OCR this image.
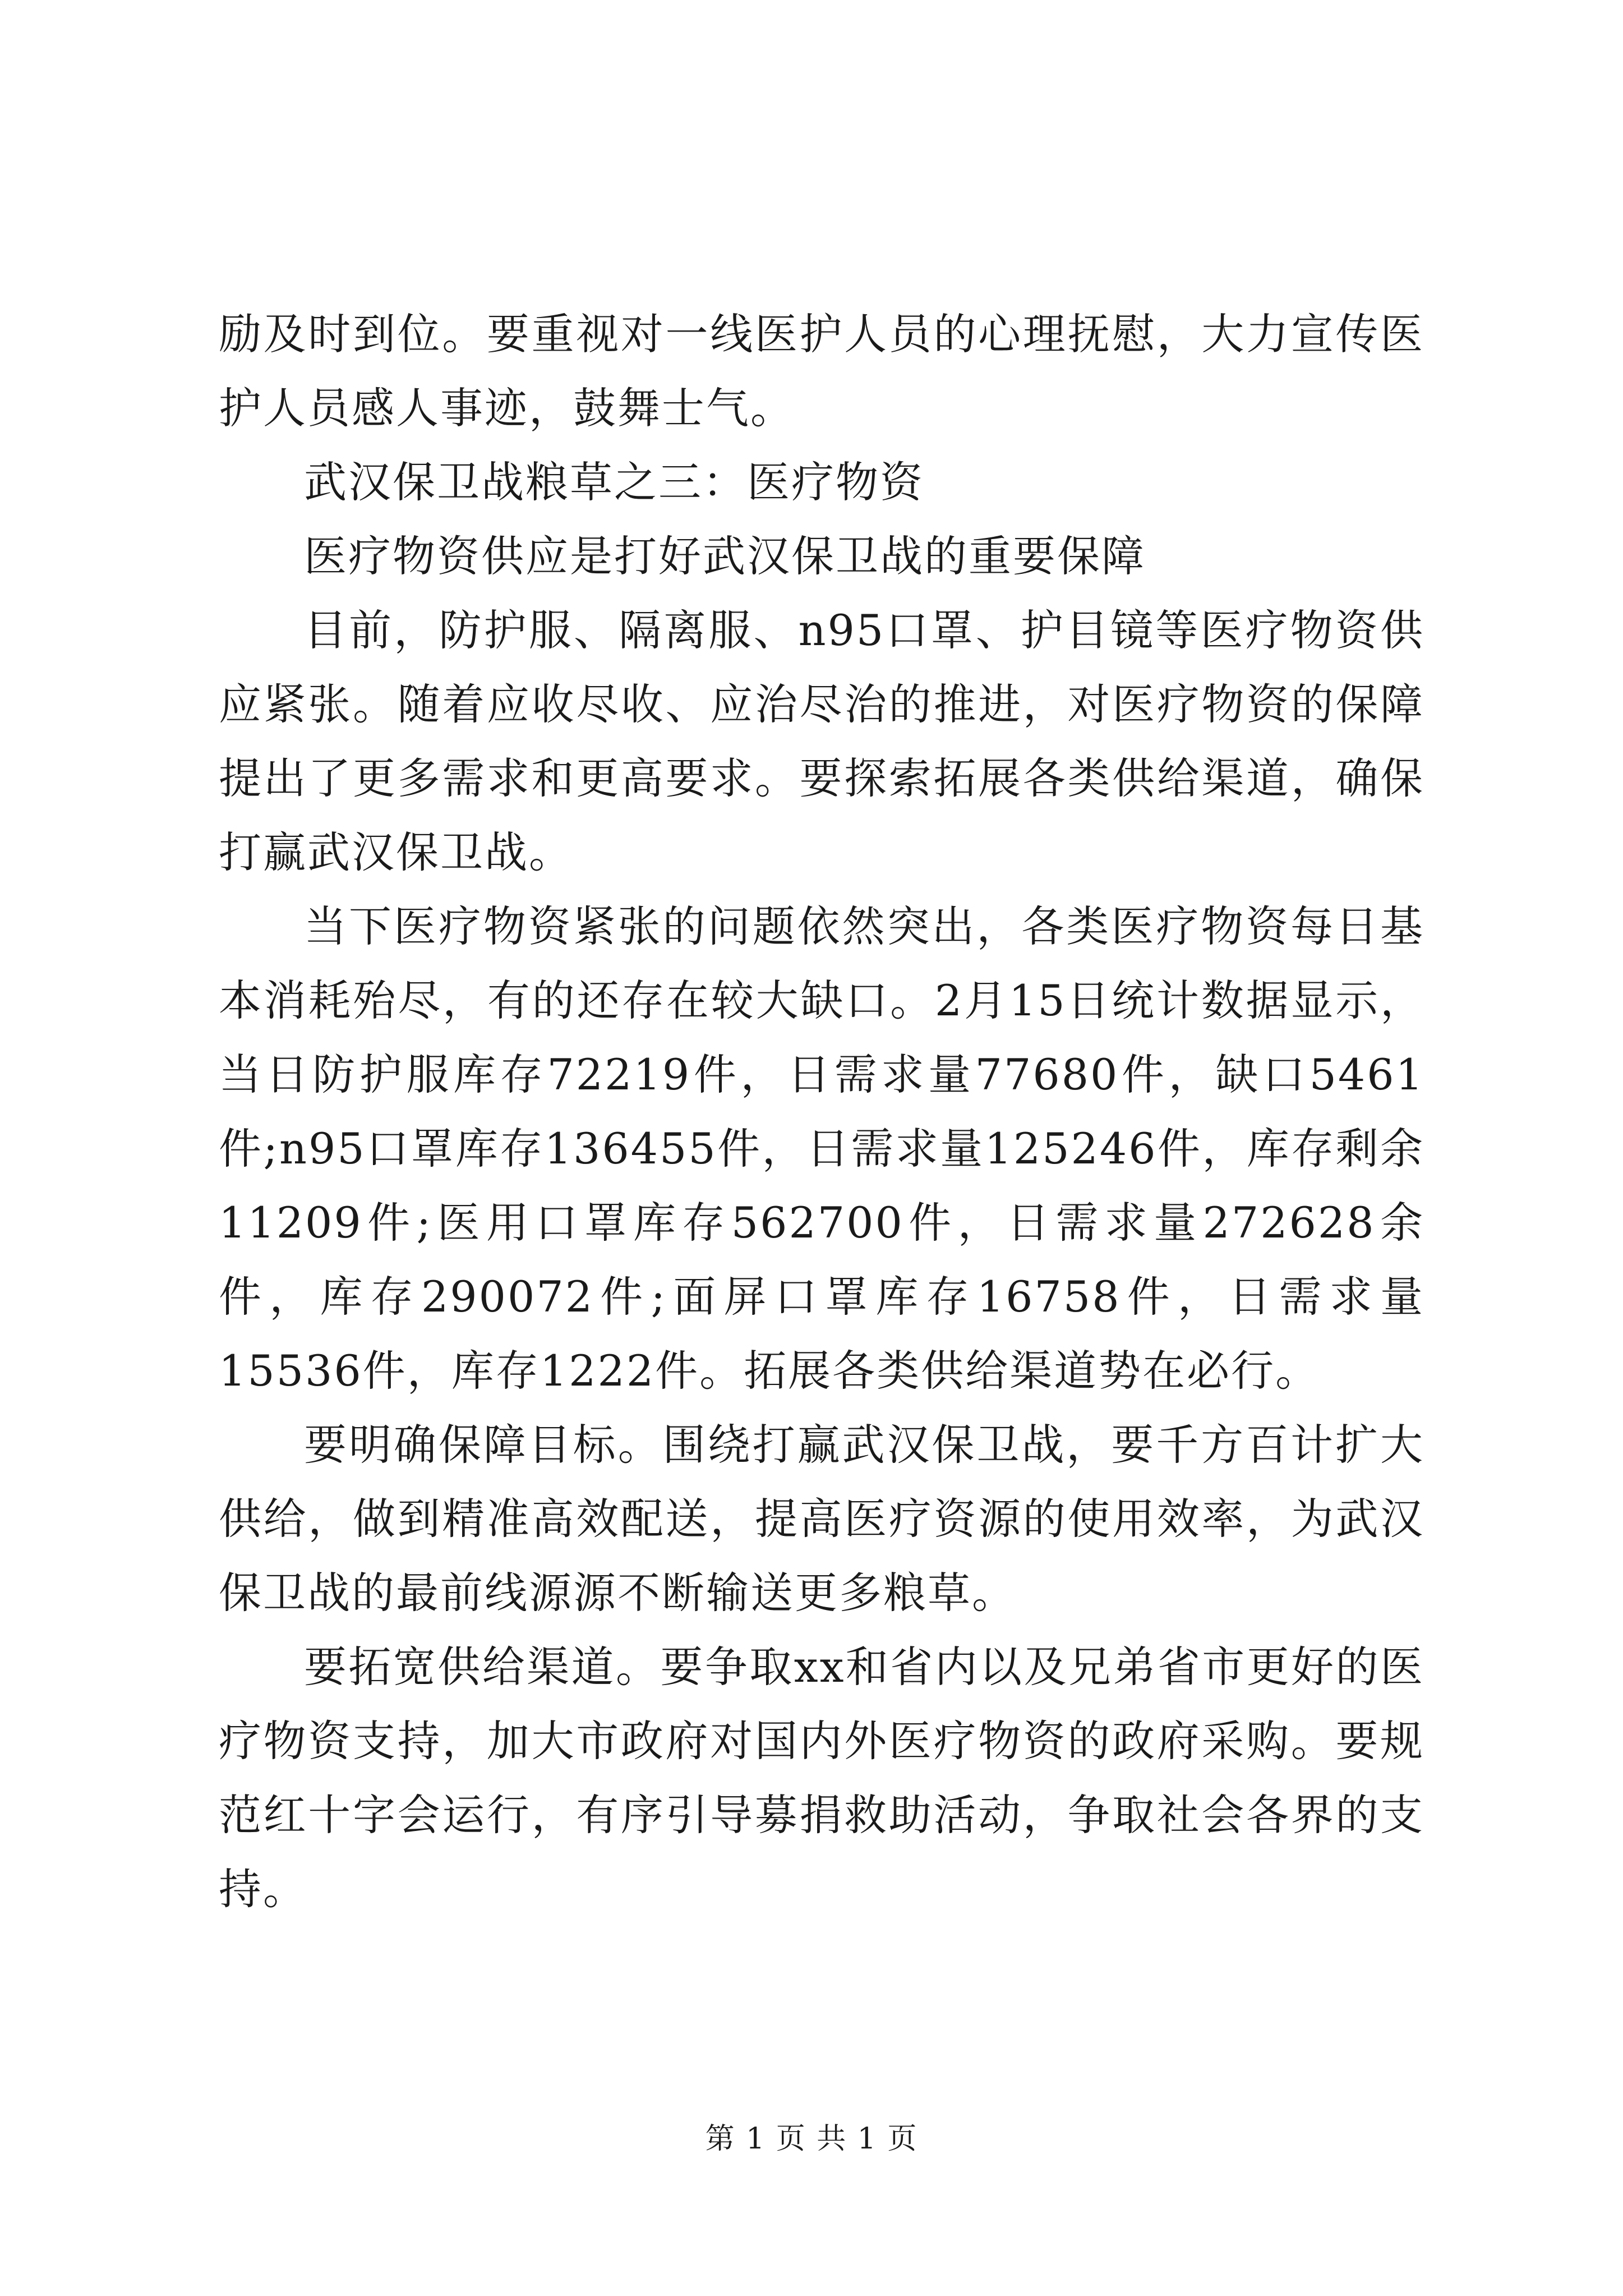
励及时到位。要重视对一线医护人员的心理抚慰，大力宣传医护人员感人事迹，鼓舞士气。

武汉保卫战粮草之三：医疗物资

医疗物资供应是打好武汉保卫战的重要保障

目前，防护服、隔离服、n95口罩、护目镜等医疗物资供应紧张。随着应收尽收、应治尽治的推进，对医疗物资的保障提出了更多需求和更高要求。要探索拓展各类供给渠道，确保打赢武汉保卫战。

当下医疗物资紧张的问题依然突出，各类医疗物资每日基本消耗殆尽，有的还存在较大缺口。2月15日统计数据显示，当日防护服库存72219件，日需求量77680件，缺口5461件;n95口罩库存136455件，日需求量125246件，库存剩余11209件;医用口罩库存562700件，日需求量272628余件，库存290072件;面屏口罩库存16758件，日需求量15536件，库存1222件。拓展各类供给渠道势在必行。

要明确保障目标。围绕打赢武汉保卫战，要千方百计扩大供给，做到精准高效配送，提高医疗资源的使用效率，为武汉保卫战的最前线源源不断输送更多粮草。

要拓宽供给渠道。要争取xx和省内以及兄弟省市更好的医疗物资支持，加大市政府对国内外医疗物资的政府采购。要规范红十字会运行，有序引导募捐救助活动，争取社会各界的支持。

第 1 页 共 1 页
